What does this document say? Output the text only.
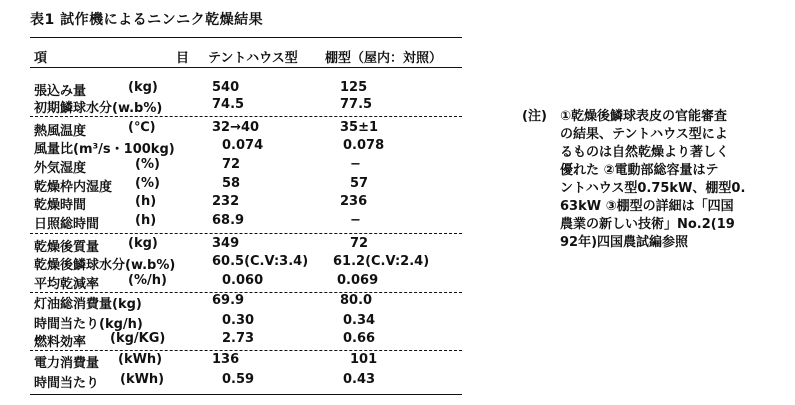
表1 試作機によるニンニク乾燥結果
項	目 テントハウス型 棚型（屋内：対照）
張込み量	(kg)	540	125
初期鱗球水分(w.b%)	74.5	77.5
熱風温度	(℃)	32→40	35±1
風量比(m³/s・100kg)	0.074	0.078
外気湿度	(%)	72	−
乾燥枠内湿度 (%)	58	57
乾燥時間	(h)	232	236
日照総時間	(h)	68.9	−
乾燥後質量 (kg)	349	72
乾燥後鱗球水分(w.b%)	60.5(C.V:3.4) 61.2(C.V:2.4)
平均乾減率 (%/h)	0.060	0.069
灯油総消費量(kg)	69.9	80.0
時間当たり(kg/h)	0.30	0.34
燃料効率 (kg/KG)	2.73	0.66
電力消費量 (kWh)	136	101
時間当たり (kWh)	0.59	0.43
(注)	①乾燥後鱗球表皮の官能審査
の結果、テントハウス型によ
るものは自然乾燥より著しく
優れた ②電動部総容量はテ
ントハウス型0.75kW、棚型0.
63kW ③棚型の詳細は「四国
農業の新しい技術」No.2(19
92年)四国農試編参照
